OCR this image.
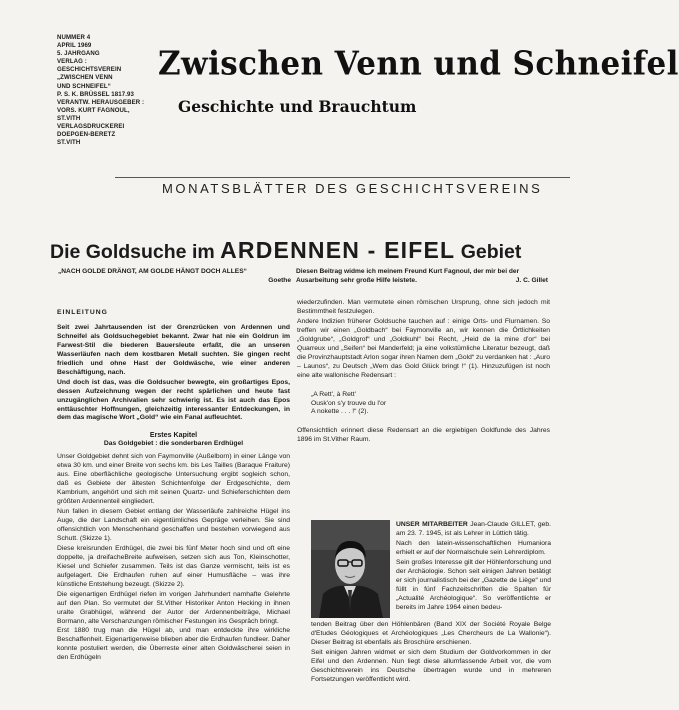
NUMMER 4
APRIL 1969
5. JAHRGANG
VERLAG :
GESCHICHTSVEREIN
„ZWISCHEN VENN
UND SCHNEIFEL“
P. S. K. BRÜSSEL 1817.93
VERANTW. HERAUSGEBER :
VORS. KURT FAGNOUL,
ST.VITH
VERLAGSDRUCKEREI
DOEPGEN-BERETZ
ST.VITH
Zwischen Venn und Schneifel
Geschichte und Brauchtum
MONATSBLÄTTER DES GESCHICHTSVEREINS
Die Goldsuche im ARDENNEN - EIFEL Gebiet
„NACH GOLDE DRÄNGT, AM GOLDE HÄNGT DOCH ALLES“
Goethe
Diesen Beitrag widme ich meinem Freund Kurt Fagnoul, der mir bei der Ausarbeitung sehr große Hilfe leistete.	J. C. Gillet
EINLEITUNG

Seit zwei Jahrtausenden ist der Grenzrücken von Ardennen und Schneifel als Goldsuchegebiet bekannt. Zwar hat nie ein Goldrun im Farwest-Stil die biederen Bauersleute erfaßt, die an unseren Wasserläufen nach dem kostbaren Metall suchten. Sie gingen recht friedlich und ohne Hast der Goldwäsche, wie einer anderen Beschäftigung, nach.

Und doch ist das, was die Goldsucher bewegte, ein großartiges Epos, dessen Aufzeichnung wegen der recht spärlichen und heute fast unzugänglichen Archivalien sehr schwierig ist. Es ist auch das Epos enttäuschter Hoffnungen, gleichzeitig interessanter Entdeckungen, in dem das magische Wort „Gold“ wie ein Fanal aufleuchtet.

Erstes Kapitel
Das Goldgebiet : die sonderbaren Erdhügel

Unser Goldgebiet dehnt sich von Faymonville (Außelborn) in einer Länge von etwa 30 km. und einer Breite von sechs km. bis Les Tailles (Baraque Fraiture) aus. Eine oberflächliche geologische Untersuchung ergibt sogleich schon, daß es Gebiete der ältesten Schichtenfolge der Erdgeschichte, dem Kambrium, angehört und sich mit seinen Quartz- und Schieferschichten dem größten Ardennenteil eingliedert.

Nun fallen in diesem Gebiet entlang der Wasserläufe zahlreiche Hügel ins Auge, die der Landschaft ein eigentümliches Gepräge verleihen. Sie sind offensichtlich von Menschenhand geschaffen und bestehen vorwiegend aus Schutt. (Skizze 1).

Diese kreisrunden Erdhügel, die zwei bis fünf Meter hoch sind und oft eine doppelte, ja dreifacheBreite aufweisen, setzen sich aus Ton, Kleinschotter, Kiesel und Schiefer zusammen. Teils ist das Ganze vermischt, teils ist es aufgelagert. Die Erdhaufen ruhen auf einer Humusfläche – was ihre künstliche Entstehung bezeugt. (Skizze 2).

Die eigenartigen Erdhügel riefen im vorigen Jahrhundert namhafte Gelehrte auf den Plan. So vermutet der St.Vither Historiker Anton Hecking in ihnen uralte Grabhügel, während der Autor der Ardennenbeiträge, Michael Bormann, alte Verschanzungen römischer Festungen ins Gespräch bringt.

Erst 1880 trug man die Hügel ab, und man entdeckte ihre wirkliche Beschaffenheit. Eigenartigerweise blieben aber die Erdhaufen fundleer. Daher konnte postuliert werden, die Überreste einer alten Goldwäscherei seien in den Erdhügeln

wiederzufinden. Man vermutete einen römischen Ursprung, ohne sich jedoch mit Bestimmtheit festzulegen.

Andere Indizien früherer Goldsuche tauchen auf : einige Orts- und Flurnamen. So treffen wir einen „Goldbach“ bei Faymonville an, wir kennen die Örtlichkeiten „Goldgrube“, „Goldgrof“ und „Goldkuhl“ bei Recht, „Heid de la mine d'or“ bei Quarreux und „Seifen“ bei Manderfeld; ja eine volkstümliche Literatur bezeugt, daß die Provinzhauptstadt Arlon sogar ihren Namen dem „Gold“ zu verdanken hat : „Auro – Launos“, zu Deutsch „Wem das Gold Glück bringt !“ (1). Hinzuzufügen ist noch eine alte wallonische Redensart :

„A Rett', à Rett'
Ousk'on s'y trouve du l'or
A nokette . . . !“ (2).

Offensichtlich erinnert diese Redensart an die ergiebigen Goldfunde des Jahres 1896 im St.Vither Raum.

UNSER MITARBEITER Jean-Claude GILLET, geb. am 23. 7. 1945, ist als Lehrer in Lüttich tätig.

Nach den latein-wissenschaftlichen Humaniora erhielt er auf der Normalschule sein Lehrerdiplom.

Sein großes Interesse gilt der Höhlenforschung und der Archäologie. Schon seit einigen Jahren betätigt er sich journalistisch bei der „Gazette de Liège“ und füllt in fünf Fachzeitschriften die Spalten für „Actualité Archéologique“. So veröffentlichte er bereits im Jahre 1964 einen bedeu-

tenden Beitrag über den Höhlenbären (Band XIX der Société Royale Belge d'Etudes Géologiques et Archéologiques „Les Chercheurs de La Wallonie“). Dieser Beitrag ist ebenfalls als Broschüre erschienen.

Seit einigen Jahren widmet er sich dem Studium der Goldvorkommen in der Eifel und den Ardennen. Nun liegt diese allumfassende Arbeit vor, die vom Geschichtsverein ins Deutsche übertragen wurde und in mehreren Fortsetzungen veröffentlicht wird.
